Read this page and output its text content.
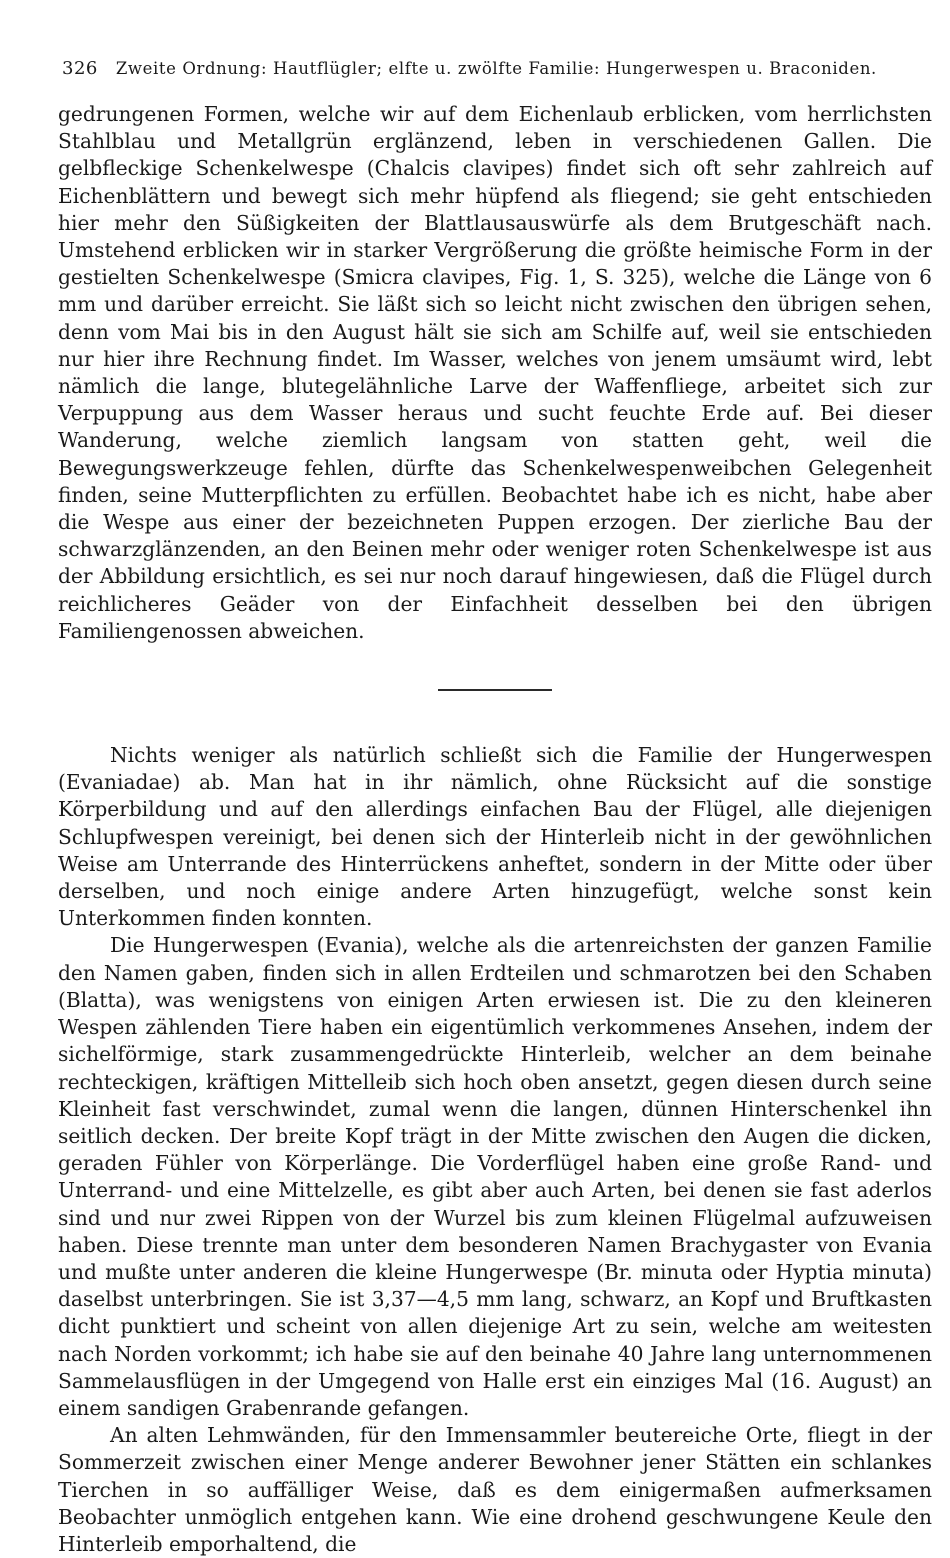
326 Zweite Ordnung: Hautflügler; elfte u. zwölfte Familie: Hungerwespen u. Braconiden.

gedrungenen Formen, welche wir auf dem Eichenlaub erblicken, vom herrlichsten Stahlblau und Metallgrün erglänzend, leben in verschiedenen Gallen. Die gelbfleckige Schenkelwespe (Chalcis clavipes) findet sich oft sehr zahlreich auf Eichenblättern und bewegt sich mehr hüpfend als fliegend; sie geht entschieden hier mehr den Süßigkeiten der Blattlausauswürfe als dem Brutgeschäft nach. Umstehend erblicken wir in starker Vergrößerung die größte heimische Form in der gestielten Schenkelwespe (Smicra clavipes, Fig. 1, S. 325), welche die Länge von 6 mm und darüber erreicht. Sie läßt sich so leicht nicht zwischen den übrigen sehen, denn vom Mai bis in den August hält sie sich am Schilfe auf, weil sie entschieden nur hier ihre Rechnung findet. Im Wasser, welches von jenem umsäumt wird, lebt nämlich die lange, blutegelähnliche Larve der Waffenfliege, arbeitet sich zur Verpuppung aus dem Wasser heraus und sucht feuchte Erde auf. Bei dieser Wanderung, welche ziemlich langsam von statten geht, weil die Bewegungswerkzeuge fehlen, dürfte das Schenkelwespenweibchen Gelegenheit finden, seine Mutterpflichten zu erfüllen. Beobachtet habe ich es nicht, habe aber die Wespe aus einer der bezeichneten Puppen erzogen. Der zierliche Bau der schwarzglänzenden, an den Beinen mehr oder weniger roten Schenkelwespe ist aus der Abbildung ersichtlich, es sei nur noch darauf hingewiesen, daß die Flügel durch reichlicheres Geäder von der Einfachheit desselben bei den übrigen Familiengenossen abweichen.

Nichts weniger als natürlich schließt sich die Familie der Hungerwespen (Evaniadae) ab. Man hat in ihr nämlich, ohne Rücksicht auf die sonstige Körperbildung und auf den allerdings einfachen Bau der Flügel, alle diejenigen Schlupfwespen vereinigt, bei denen sich der Hinterleib nicht in der gewöhnlichen Weise am Unterrande des Hinterrückens anheftet, sondern in der Mitte oder über derselben, und noch einige andere Arten hinzugefügt, welche sonst kein Unterkommen finden konnten.

Die Hungerwespen (Evania), welche als die artenreichsten der ganzen Familie den Namen gaben, finden sich in allen Erdteilen und schmarotzen bei den Schaben (Blatta), was wenigstens von einigen Arten erwiesen ist. Die zu den kleineren Wespen zählenden Tiere haben ein eigentümlich verkommenes Ansehen, indem der sichelförmige, stark zusammengedrückte Hinterleib, welcher an dem beinahe rechteckigen, kräftigen Mittelleib sich hoch oben ansetzt, gegen diesen durch seine Kleinheit fast verschwindet, zumal wenn die langen, dünnen Hinterschenkel ihn seitlich decken. Der breite Kopf trägt in der Mitte zwischen den Augen die dicken, geraden Fühler von Körperlänge. Die Vorderflügel haben eine große Rand- und Unterrand- und eine Mittelzelle, es gibt aber auch Arten, bei denen sie fast aderlos sind und nur zwei Rippen von der Wurzel bis zum kleinen Flügelmal aufzuweisen haben. Diese trennte man unter dem besonderen Namen Brachygaster von Evania und mußte unter anderen die kleine Hungerwespe (Br. minuta oder Hyptia minuta) daselbst unterbringen. Sie ist 3,37—4,5 mm lang, schwarz, an Kopf und Bruftkasten dicht punktiert und scheint von allen diejenige Art zu sein, welche am weitesten nach Norden vorkommt; ich habe sie auf den beinahe 40 Jahre lang unternommenen Sammelausflügen in der Umgegend von Halle erst ein einziges Mal (16. August) an einem sandigen Grabenrande gefangen.

An alten Lehmwänden, für den Immensammler beutereiche Orte, fliegt in der Sommerzeit zwischen einer Menge anderer Bewohner jener Stätten ein schlankes Tierchen in so auffälliger Weise, daß es dem einigermaßen aufmerksamen Beobachter unmöglich entgehen kann. Wie eine drohend geschwungene Keule den Hinterleib emporhaltend, die
